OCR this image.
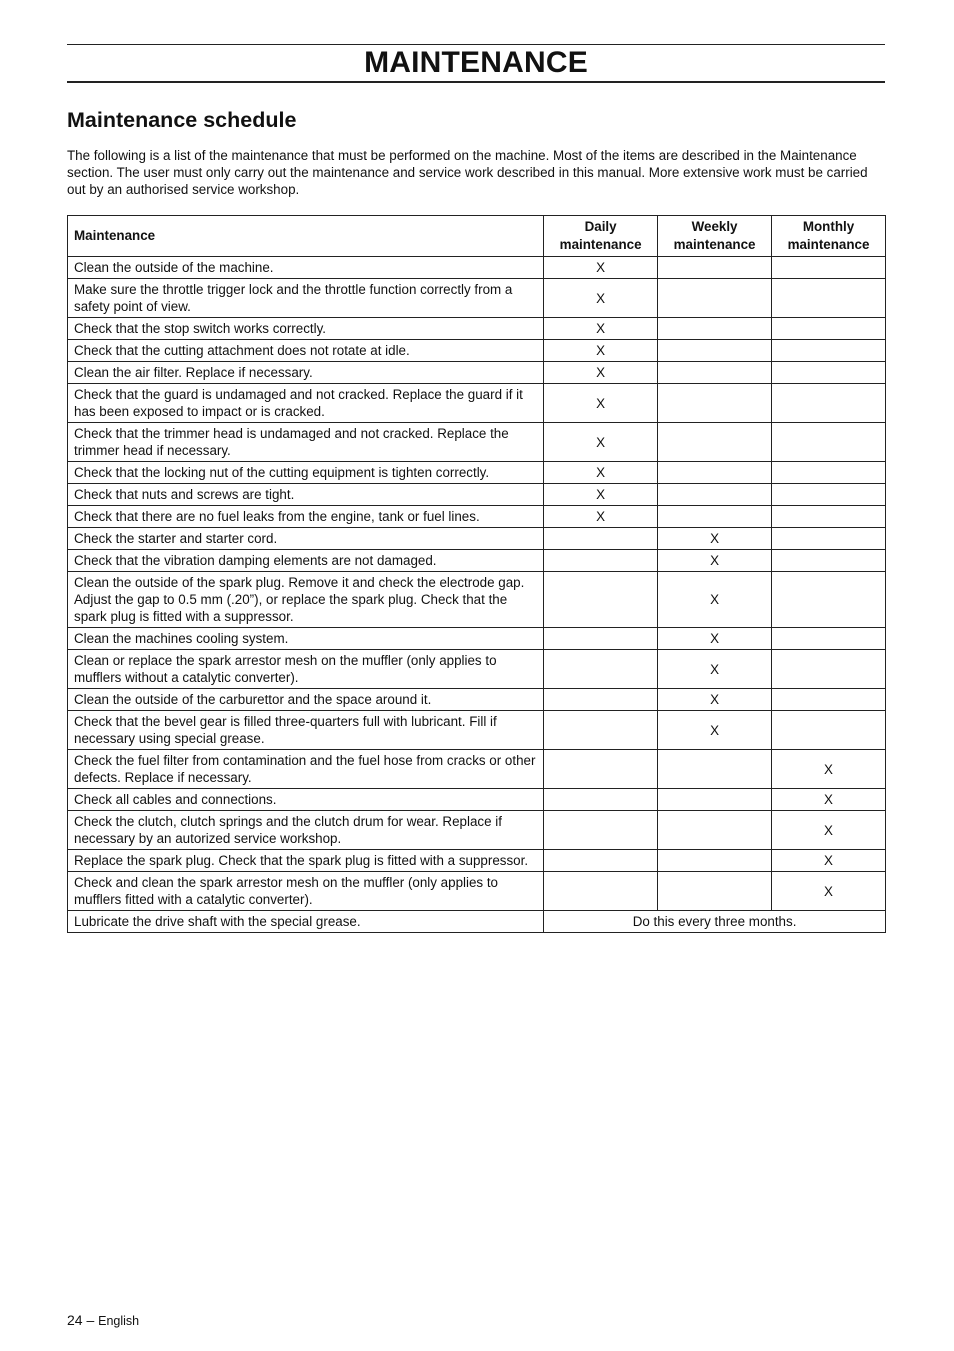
MAINTENANCE
Maintenance schedule
The following is a list of the maintenance that must be performed on the machine. Most of the items are described in the Maintenance section. The user must only carry out the maintenance and service work described in this manual. More extensive work must be carried out by an authorised service workshop.
Maintenance	Daily maintenance	Weekly maintenance	Monthly maintenance
Clean the outside of the machine.	X		
Make sure the throttle trigger lock and the throttle function correctly from a safety point of view.	X		
Check that the stop switch works correctly.	X		
Check that the cutting attachment does not rotate at idle.	X		
Clean the air filter. Replace if necessary.	X		
Check that the guard is undamaged and not cracked. Replace the guard if it has been exposed to impact or is cracked.	X		
Check that the trimmer head is undamaged and not cracked. Replace the trimmer head if necessary.	X		
Check that the locking nut of the cutting equipment is tighten correctly.	X		
Check that nuts and screws are tight.	X		
Check that there are no fuel leaks from the engine, tank or fuel lines.	X		
Check the starter and starter cord.		X	
Check that the vibration damping elements are not damaged.		X	
Clean the outside of the spark plug. Remove it and check the electrode gap. Adjust the gap to 0.5 mm (.20”), or replace the spark plug. Check that the spark plug is fitted with a suppressor.		X	
Clean the machines cooling system.		X	
Clean or replace the spark arrestor mesh on the muffler (only applies to mufflers without a catalytic converter).		X	
Clean the outside of the carburettor and the space around it.		X	
Check that the bevel gear is filled three-quarters full with lubricant. Fill if necessary using special grease.		X	
Check the fuel filter from contamination and the fuel hose from cracks or other defects. Replace if necessary.			X
Check all cables and connections.			X
Check the clutch, clutch springs and the clutch drum for wear. Replace if necessary by an autorized service workshop.			X
Replace the spark plug. Check that the spark plug is fitted with a suppressor.			X
Check and clean the spark arrestor mesh on the muffler (only applies to mufflers fitted with a catalytic converter).			X
Lubricate the drive shaft with the special grease.	Do this every three months.		
24 – English
